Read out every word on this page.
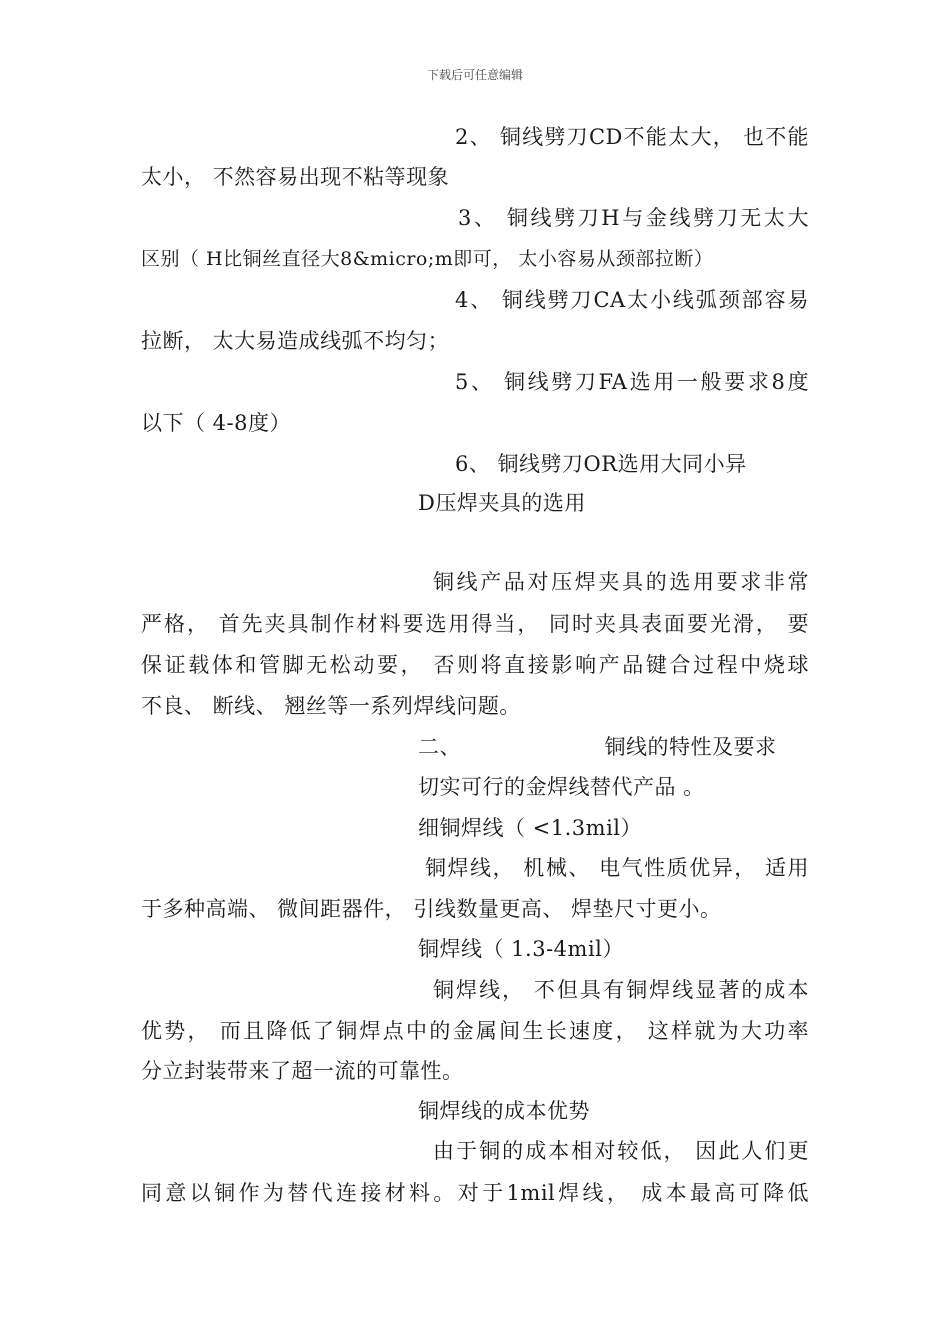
下载后可任意编辑
2、 铜线劈刀CD不能太大， 也不能
太小， 不然容易出现不粘等现象
3、 铜线劈刀H与金线劈刀无太大
区别（ H比铜丝直径大8&micro;m即可， 太小容易从颈部拉断）
4、 铜线劈刀CA太小线弧颈部容易
拉断， 太大易造成线弧不均匀；
5、 铜线劈刀FA选用一般要求8度
以下（ 4-8度）
6、 铜线劈刀OR选用大同小异
D压焊夹具的选用
铜线产品对压焊夹具的选用要求非常
严格， 首先夹具制作材料要选用得当， 同时夹具表面要光滑， 要
保证载体和管脚无松动要， 否则将直接影响产品键合过程中烧球
不良、 断线、 翘丝等一系列焊线问题。
二、                    铜线的特性及要求
切实可行的金焊线替代产品 。
细铜焊线（ <1.3mil）
铜焊线， 机械、 电气性质优异， 适用
于多种高端、 微间距器件， 引线数量更高、 焊垫尺寸更小。
铜焊线（ 1.3-4mil）
铜焊线， 不但具有铜焊线显著的成本
优势， 而且降低了铜焊点中的金属间生长速度， 这样就为大功率
分立封装带来了超一流的可靠性。
铜焊线的成本优势
由于铜的成本相对较低， 因此人们更
同意以铜作为替代连接材料。对于1mil焊线， 成本最高可降低
